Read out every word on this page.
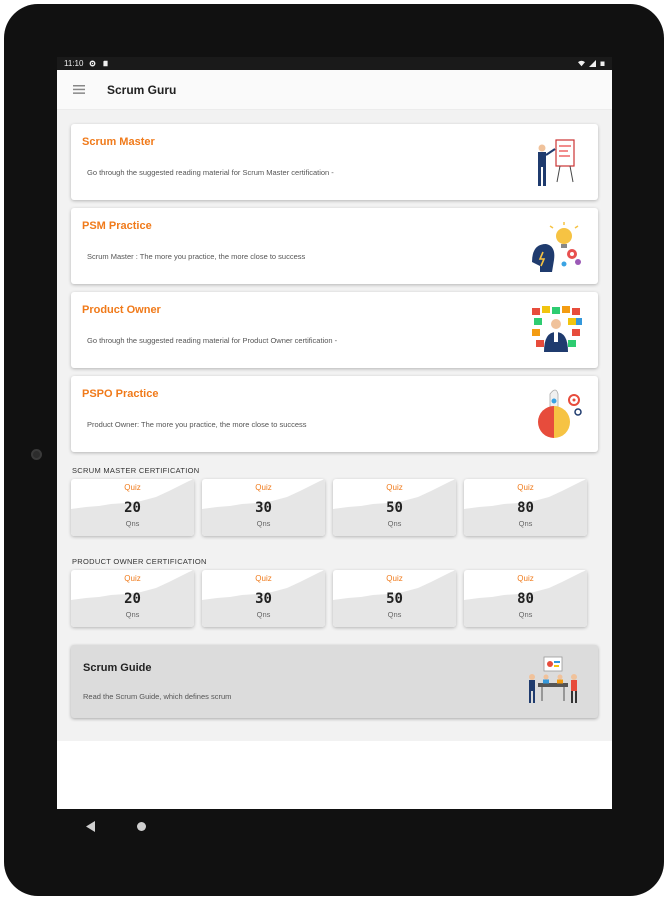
11:10
Scrum Guru
Scrum Master
Go through the suggested reading material for Scrum Master certification -
PSM Practice
Scrum Master : The more you practice, the more close to success
Product Owner
Go through the suggested reading material for Product Owner certification -
PSPO Practice
Product Owner: The more you practice, the more close to success
SCRUM MASTER CERTIFICATION
Quiz
20
Qns
Quiz
30
Qns
Quiz
50
Qns
Quiz
80
Qns
PRODUCT OWNER CERTIFICATION
Quiz
20
Qns
Quiz
30
Qns
Quiz
50
Qns
Quiz
80
Qns
Scrum Guide
Read the Scrum Guide, which defines scrum
